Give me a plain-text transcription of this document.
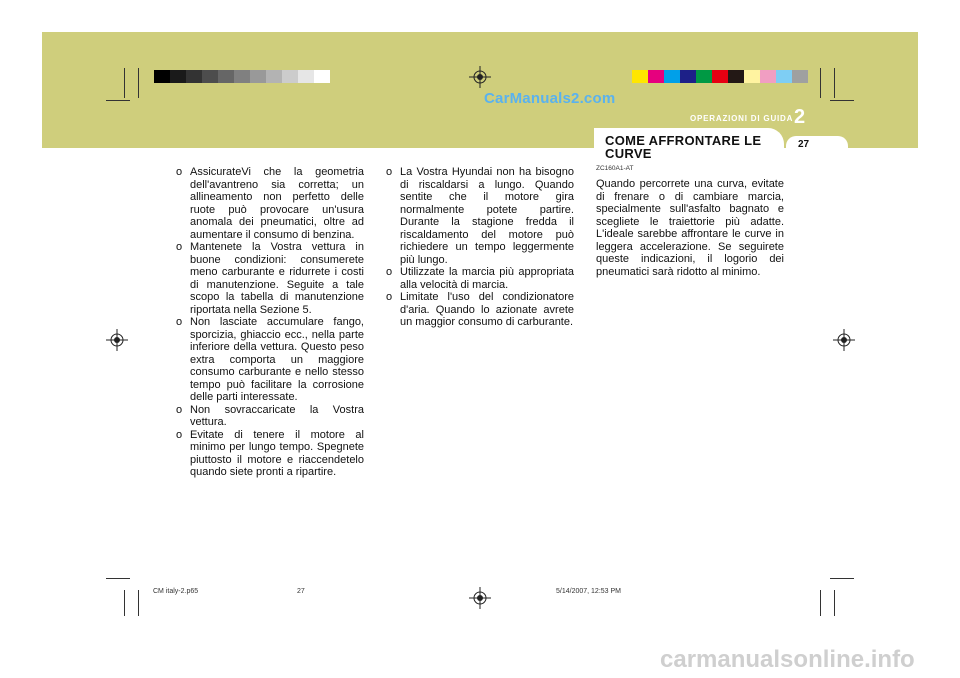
CarManuals2.com
OPERAZIONI DI GUIDA 2
27
COME AFFRONTARE LE CURVE
ZC160A1-AT
o AssicurateVi che la geometria dell'avantreno sia corretta; un allineamento non perfetto delle ruote può provocare un'usura anomala dei pneumatici, oltre ad aumentare il consumo di benzina.
o Mantenete la Vostra vettura in buone condizioni: consumerete meno carburante e ridurrete i costi di manutenzione. Seguite a tale scopo la tabella di manutenzione riportata nella Sezione 5.
o Non lasciate accumulare fango, sporcizia, ghiaccio ecc., nella parte inferiore della vettura. Questo peso extra comporta un maggiore consumo carburante e nello stesso tempo può facilitare la corrosione delle parti interessate.
o Non sovraccaricate la Vostra vettura.
o Evitate di tenere il motore al minimo per lungo tempo. Spegnete piuttosto il motore e riaccendetelo quando siete pronti a ripartire.
o La Vostra Hyundai non ha bisogno di riscaldarsi a lungo. Quando sentite che il motore gira normalmente potete partire. Durante la stagione fredda il riscaldamento del motore può richiedere un tempo leggermente più lungo.
o Utilizzate la marcia più appropriata alla velocità di marcia.
o Limitate l'uso del condizionatore d'aria. Quando lo azionate avrete un maggior consumo di carburante.
Quando percorrete una curva, evitate di frenare o di cambiare marcia, specialmente sull'asfalto bagnato e scegliete le traiettorie più adatte. L'ideale sarebbe affrontare le curve in leggera accelerazione. Se seguirete queste indicazioni, il logorio dei pneumatici sarà ridotto al minimo.
CM italy-2.p65	27	5/14/2007, 12:53 PM
carmanualsonline.info
